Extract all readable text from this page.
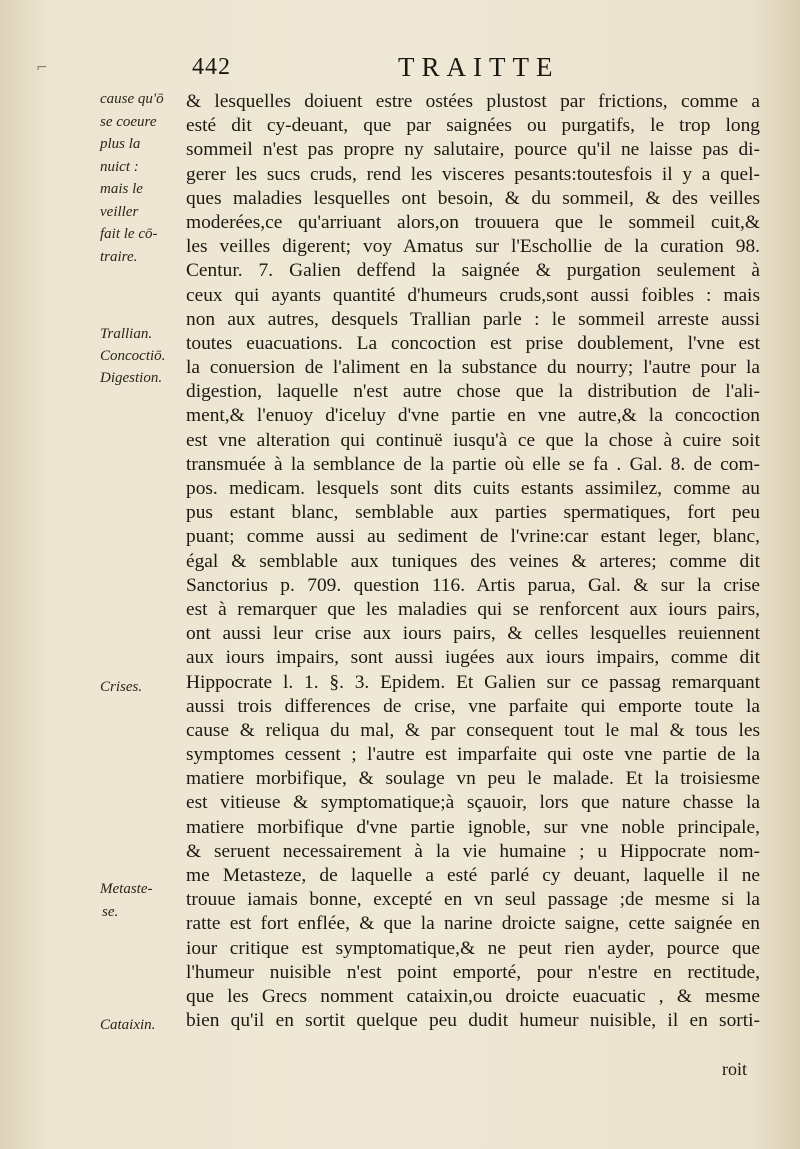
⌐	442	TRAITTE
cause qu'ō
se coeure
plus la
nuict :
mais le
veiller
fait le cō-
traire.
Trallian.
Concoctiō.
Digestion.
Crises.
Metaste-
se.
Cataixin.
& lesquelles doiuent estre ostées plustost par frictions, comme a
esté dit cy-deuant, que par saignées ou purgatifs, le trop long
sommeil n'est pas propre ny salutaire, pource qu'il ne laisse pas di-
gerer les sucs cruds, rend les visceres pesants:toutesfois il y a quel-
ques maladies lesquelles ont besoin, & du sommeil, & des veilles
moderées,ce qu'arriuant alors,on trouuera que le sommeil cuit,&
les veilles digerent; voy Amatus sur l'Eschollie de la curation 98.
Centur. 7. Galien deffend la saignée & purgation seulement à
ceux qui ayants quantité d'humeurs cruds,sont aussi foibles : mais
non aux autres, desquels Trallian parle : le sommeil arreste aussi
toutes euacuations. La concoction est prise doublement, l'vne est
la conuersion de l'aliment en la substance du nourry; l'autre pour la
digestion, laquelle n'est autre chose que la distribution de l'ali-
ment,& l'enuoy d'iceluy d'vne partie en vne autre,& la concoction
est vne alteration qui continuë iusqu'à ce que la chose à cuire soit
transmuée à la semblance de la partie où elle se fa . Gal. 8. de com-
pos. medicam. lesquels sont dits cuits estants assimilez, comme au
pus estant blanc, semblable aux parties spermatiques, fort peu
puant; comme aussi au sediment de l'vrine:car estant leger, blanc,
égal & semblable aux tuniques des veines & arteres; comme dit
Sanctorius p. 709. question 116. Artis parua, Gal. & sur la crise
est à remarquer que les maladies qui se renforcent aux iours pairs,
ont aussi leur crise aux iours pairs, & celles lesquelles reuiennent
aux iours impairs, sont aussi iugées aux iours impairs, comme dit
Hippocrate l. 1. §. 3. Epidem. Et Galien sur ce passag remarquant
aussi trois differences de crise, vne parfaite qui emporte toute la
cause & reliqua du mal, & par consequent tout le mal & tous les
symptomes cessent ; l'autre est imparfaite qui oste vne partie de la
matiere morbifique, & soulage vn peu le malade. Et la troisiesme
est vitieuse & symptomatique;à sçauoir, lors que nature chasse la
matiere morbifique d'vne partie ignoble, sur vne noble principale,
& seruent necessairement à la vie humaine ; u Hippocrate nom-
me Metasteze, de laquelle a esté parlé cy deuant, laquelle il ne
trouue iamais bonne, excepté en vn seul passage ;de mesme si la
ratte est fort enflée, & que la narine droicte saigne, cette saignée en
iour critique est symptomatique,& ne peut rien ayder, pource que
l'humeur nuisible n'est point emporté, pour n'estre en rectitude,
que les Grecs nomment cataixin,ou droicte euacuatic , & mesme
bien qu'il en sortit quelque peu dudit humeur nuisible, il en sorti-
roit
